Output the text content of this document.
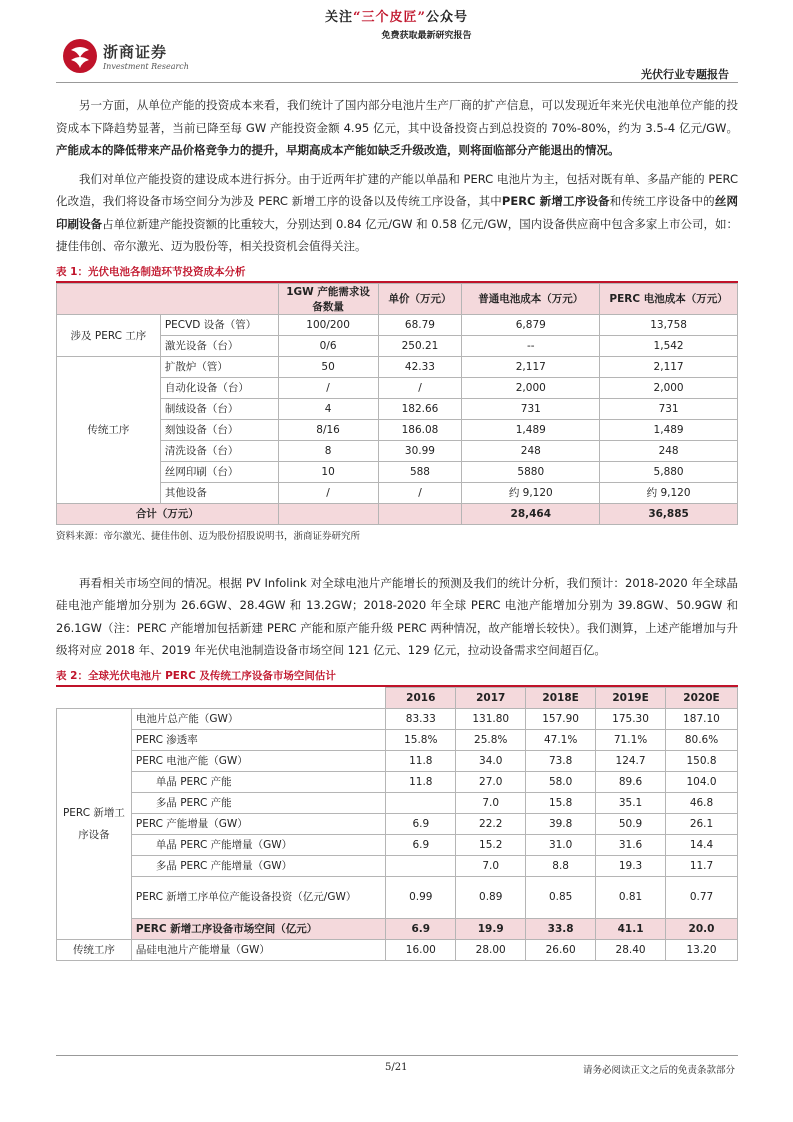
关注“三个皮匠”公众号
免费获取最新研究报告
浙商证券
Investment Research
光伏行业专题报告

另一方面，从单位产能的投资成本来看，我们统计了国内部分电池片生产厂商的扩产信息，可以发现近年来光伏电池单位产能的投资成本下降趋势显著，当前已降至每 GW 产能投资金额 4.95 亿元，其中设备投资占到总投资的 70%-80%，约为 3.5-4 亿元/GW。产能成本的降低带来产品价格竞争力的提升，早期高成本产能如缺乏升级改造，则将面临部分产能退出的情况。

我们对单位产能投资的建设成本进行拆分。由于近两年扩建的产能以单晶和 PERC 电池片为主，包括对既有单、多晶产能的 PERC 化改造，我们将设备市场空间分为涉及 PERC 新增工序的设备以及传统工序设备，其中PERC 新增工序设备和传统工序设备中的丝网印刷设备占单位新建产能投资额的比重较大，分别达到 0.84 亿元/GW 和 0.58 亿元/GW，国内设备供应商中包含多家上市公司，如：捷佳伟创、帝尔激光、迈为股份等，相关投资机会值得关注。

表 1：光伏电池各制造环节投资成本分析
		1GW 产能需求设备数量	单价（万元）	普通电池成本（万元）	PERC 电池成本（万元）
涉及 PERC 工序	PECVD 设备（管）	100/200	68.79	6,879	13,758
	激光设备（台）	0/6	250.21	--	1,542
传统工序	扩散炉（管）	50	42.33	2,117	2,117
	自动化设备（台）	/	/	2,000	2,000
	制绒设备（台）	4	182.66	731	731
	刻蚀设备（台）	8/16	186.08	1,489	1,489
	清洗设备（台）	8	30.99	248	248
	丝网印刷（台）	10	588	5880	5,880
	其他设备	/	/	约 9,120	约 9,120
合计（万元）				28,464	36,885
资料来源：帝尔激光、捷佳伟创、迈为股份招股说明书，浙商证券研究所

再看相关市场空间的情况。根据 PV Infolink 对全球电池片产能增长的预测及我们的统计分析，我们预计：2018-2020 年全球晶硅电池产能增加分别为 26.6GW、28.4GW 和 13.2GW；2018-2020 年全球 PERC 电池产能增加分别为 39.8GW、50.9GW 和 26.1GW（注：PERC 产能增加包括新建 PERC 产能和原产能升级 PERC 两种情况，故产能增长较快）。我们测算，上述产能增加与升级将对应 2018 年、2019 年光伏电池制造设备市场空间 121 亿元、129 亿元，拉动设备需求空间超百亿。

表 2：全球光伏电池片 PERC 及传统工序设备市场空间估计
		2016	2017	2018E	2019E	2020E
PERC 新增工序设备	电池片总产能（GW）	83.33	131.80	157.90	175.30	187.10
	PERC 渗透率	15.8%	25.8%	47.1%	71.1%	80.6%
	PERC 电池产能（GW）	11.8	34.0	73.8	124.7	150.8
	单晶 PERC 产能	11.8	27.0	58.0	89.6	104.0
	多晶 PERC 产能		7.0	15.8	35.1	46.8
	PERC 产能增量（GW）	6.9	22.2	39.8	50.9	26.1
	单晶 PERC 产能增量（GW）	6.9	15.2	31.0	31.6	14.4
	多晶 PERC 产能增量（GW）		7.0	8.8	19.3	11.7
	PERC 新增工序单位产能设备投资（亿元/GW）	0.99	0.89	0.85	0.81	0.77
	PERC 新增工序设备市场空间（亿元）	6.9	19.9	33.8	41.1	20.0
传统工序	晶硅电池片产能增量（GW）	16.00	28.00	26.60	28.40	13.20
5/21	请务必阅读正文之后的免责条款部分
